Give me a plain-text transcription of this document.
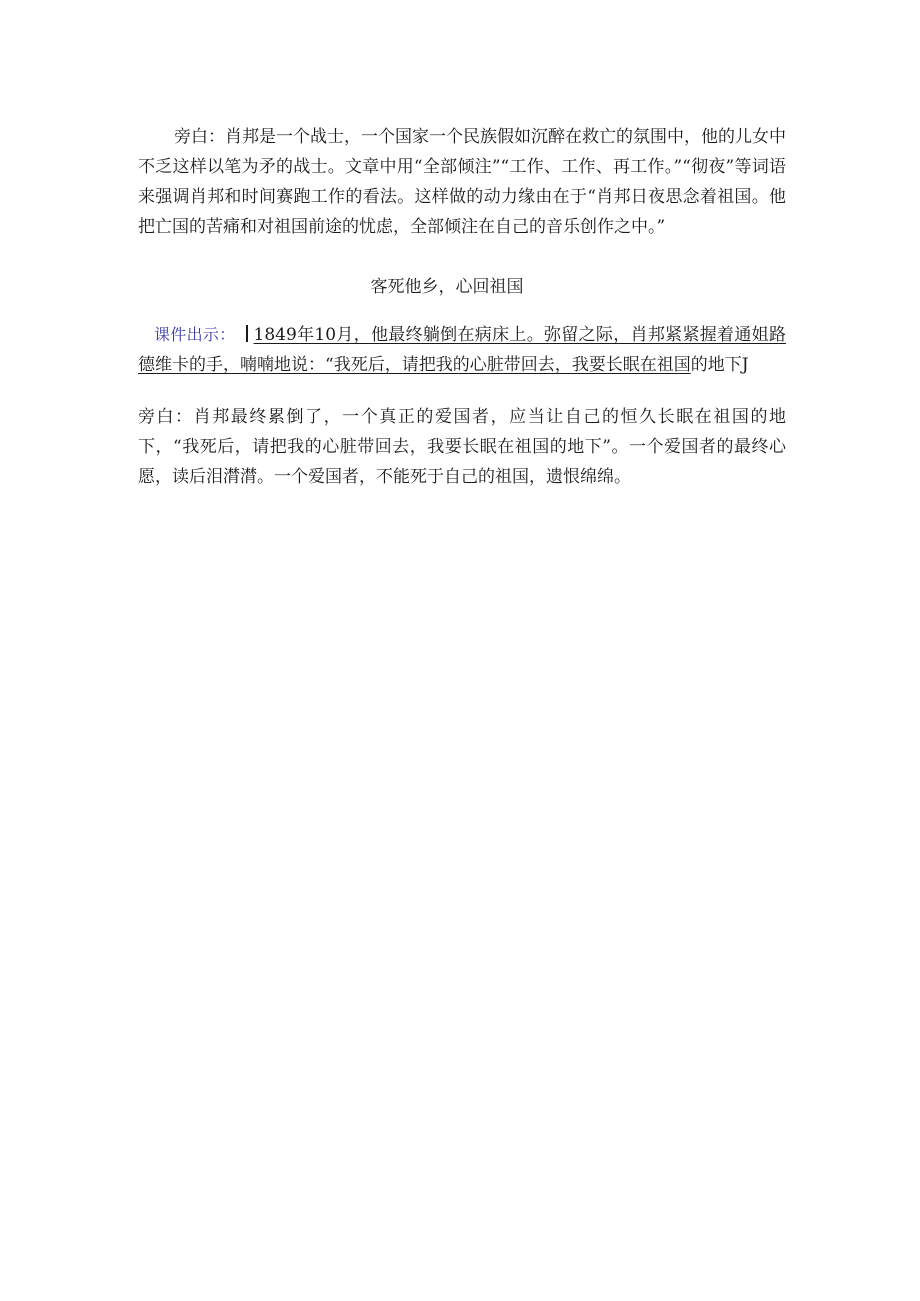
旁白：肖邦是一个战士，一个国家一个民族假如沉醉在救亡的氛围中，他的儿女中不乏这样以笔为矛的战士。文章中用“全部倾注”“工作、工作、再工作。”“彻夜”等词语来强调肖邦和时间赛跑工作的看法。这样做的动力缘由在于“肖邦日夜思念着祖国。他把亡国的苦痛和对祖国前途的忧虑，全部倾注在自己的音乐创作之中。”

客死他乡，心回祖国

课件出示： 1849年10月，他最终躺倒在病床上。弥留之际，肖邦紧紧握着通姐路德维卡的手，喃喃地说：“我死后，请把我的心脏带回去，我要长眠在祖国的地下J

旁白：肖邦最终累倒了，一个真正的爱国者，应当让自己的恒久长眠在祖国的地下，“我死后，请把我的心脏带回去，我要长眠在祖国的地下”。一个爱国者的最终心愿，读后泪潸潸。一个爱国者，不能死于自己的祖国，遗恨绵绵。
